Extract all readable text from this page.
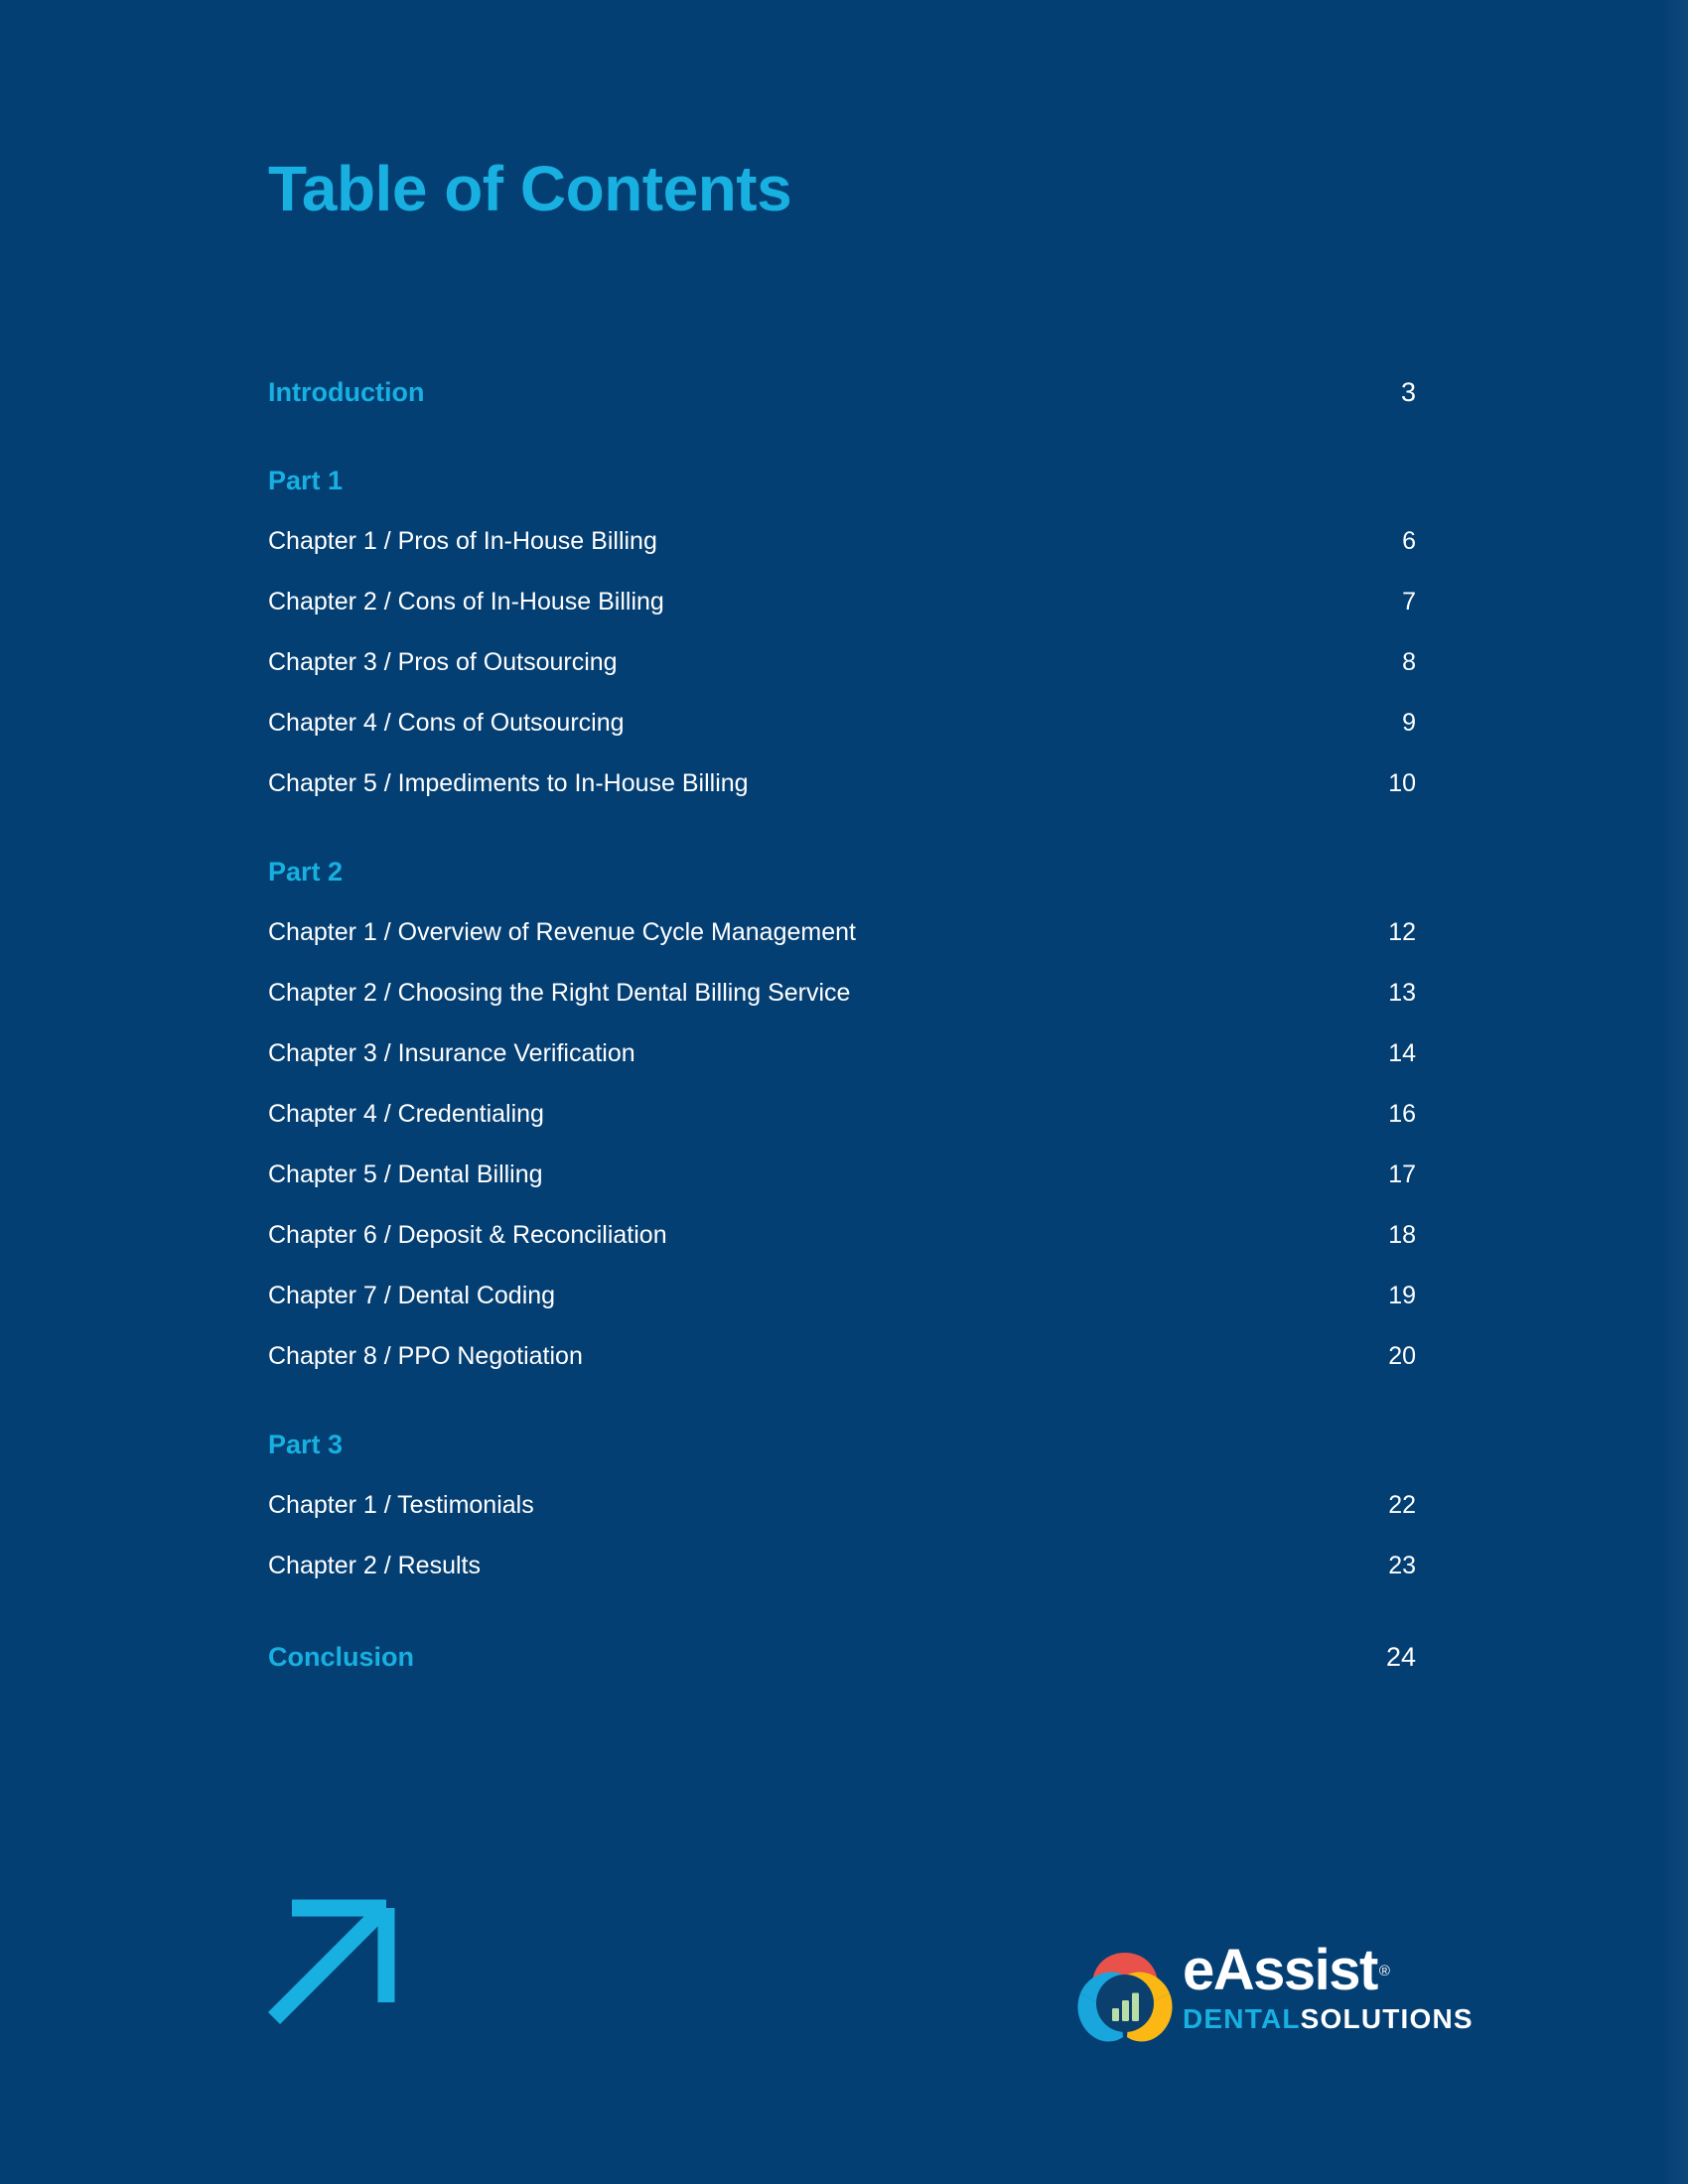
Table of Contents
Introduction	3
Part 1
Chapter 1 / Pros of In-House Billing	6
Chapter 2 / Cons of In-House Billing	7
Chapter 3 / Pros of Outsourcing	8
Chapter 4 / Cons of Outsourcing	9
Chapter 5 / Impediments to In-House Billing	10
Part 2
Chapter 1 / Overview of Revenue Cycle Management	12
Chapter 2 / Choosing the Right Dental Billing Service	13
Chapter 3 / Insurance Verification	14
Chapter 4 / Credentialing	16
Chapter 5 / Dental Billing	17
Chapter 6 / Deposit & Reconciliation	18
Chapter 7 / Dental Coding	19
Chapter 8 / PPO Negotiation	20
Part 3
Chapter 1 / Testimonials	22
Chapter 2 / Results	23
Conclusion	24
eAssist ®
DENTALSOLUTIONS
